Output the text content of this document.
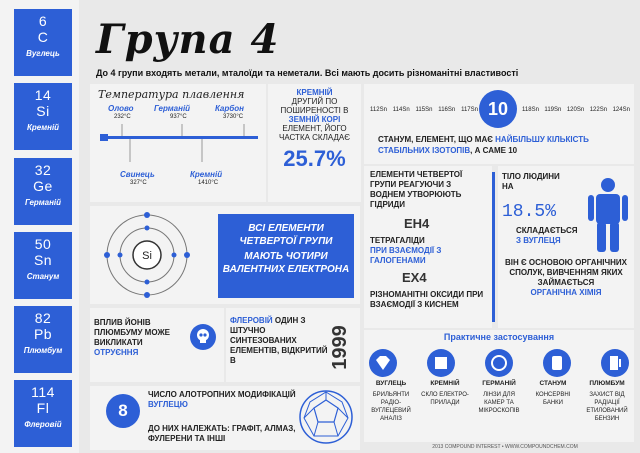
6
C
Вуглець
14
Si
Кремній
32
Ge
Германій
50
Sn
Станум
82
Pb
Плюмбум
114
Fl
Флеровій
Група 4
До 4 групи входять метали, мталоїди та неметали. Всі мають досить різноманітні властивості
Температура плавлення
Олово
232°C
Германій
937°C
Карбон
3730°C
Свинець
327°C
Кремній
1410°C
КРЕМНІЙ
ДРУГИЙ ПО ПОШИРЕНОСТІ В
ЗЕМНІЙ КОРІ
ЕЛЕМЕНТ, ЙОГО ЧАСТКА СКЛАДАЄ
25.7%
112Sn 114Sn 115Sn 116Sn 117Sn 10	118Sn 119Sn 120Sn 122Sn 124Sn
СТАНУМ, ЕЛЕМЕНТ, ЩО МАЄ НАЙБІЛЬШУ КІЛЬКІСТЬ СТАБІЛЬНИХ ІЗОТОПІВ, А САМЕ 10
Si
ВСІ ЕЛЕМЕНТИ ЧЕТВЕРТОЇ ГРУПИ
МАЮТЬ ЧОТИРИ ВАЛЕНТНИХ ЕЛЕКТРОНА
ЕЛЕМЕНТИ ЧЕТВЕРТОЇ ГРУПИ РЕАГУЮЧИ З ВОДНЕМ УТВОРЮЮТЬ ГІДРИДИ
EH4
ТЕТРАГАЛІДИ
ПРИ ВЗАЄМОДІЇ З ГАЛОГЕНАМИ
EX4
РІЗНОМАНІТНІ ОКСИДИ ПРИ ВЗАЄМОДІЇ З КИСНЕМ
ТІЛО ЛЮДИНИ НА
18.5%
СКЛАДАЄТЬСЯ
З ВУГЛЕЦЯ
ВІН Є ОСНОВОЮ ОРГАНІЧНИХ СПОЛУК, ВИВЧЕННЯМ ЯКИХ ЗАЙМАЄТЬСЯ
ОРГАНІЧНА ХІМІЯ
ВПЛИВ ЙОНІВ ПЛЮМБУМУ МОЖЕ ВИКЛИКАТИ
ОТРУЄННЯ
ФЛЕРОВІЙ ОДИН З ШТУЧНО СИНТЕЗОВАНИХ ЕЛЕМЕНТІВ, ВІДКРИТИЙ В	1999
8
ЧИСЛО АЛОТРОПНИХ МОДИФІКАЦІЙ ВУГЛЕЦЮ
ДО НИХ НАЛЕЖАТЬ: ГРАФІТ, АЛМАЗ, ФУЛЕРЕНИ ТА ІНШІ
Практичне застосування
ВУГЛЕЦЬ
БРИЛЬЯНТИ РАДІО-ВУГЛЕЦЕВИЙ АНАЛІЗ
КРЕМНІЙ
СКЛО ЕЛЕКТРО-ПРИЛАДИ
ГЕРМАНІЙ
ЛІНЗИ ДЛЯ КАМЕР ТА МІКРОСКОПІВ
СТАНУМ
КОНСЕРВНІ БАНКИ
ПЛЮМБУМ
ЗАХИСТ ВІД РАДІАЦІЇ ЕТИЛОВАНИЙ БЕНЗИН
2013 COMPOUND INTEREST • WWW.COMPOUNDCHEM.COM
